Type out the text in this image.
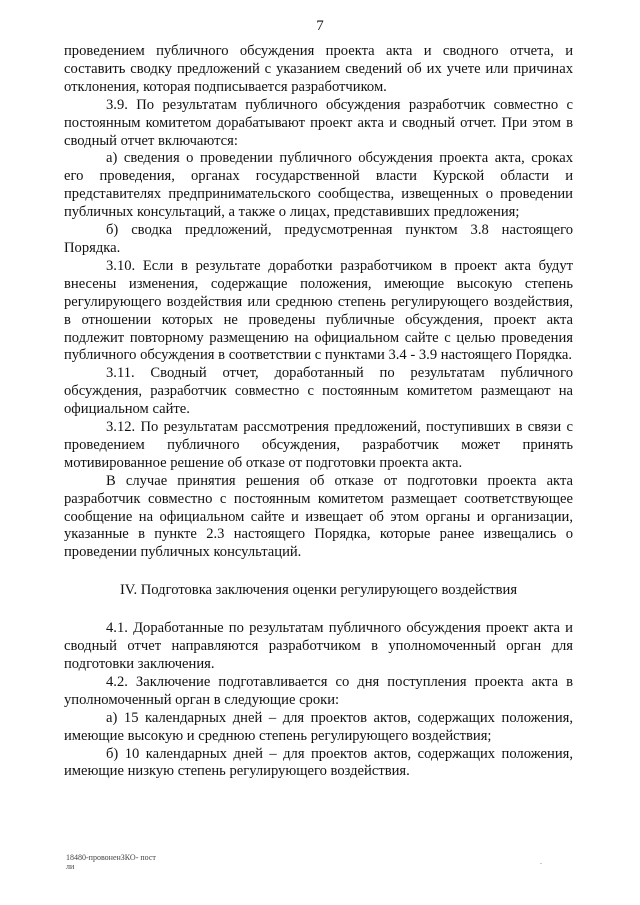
7

проведением публичного обсуждения проекта акта и сводного отчета, и составить сводку предложений с указанием сведений об их учете или причинах отклонения, которая подписывается разработчиком.

3.9. По результатам публичного обсуждения разработчик совместно с постоянным комитетом дорабатывают проект акта и сводный отчет. При этом в сводный отчет включаются:

а) сведения о проведении публичного обсуждения проекта акта, сроках его проведения, органах государственной власти Курской области и представителях предпринимательского сообщества, извещенных о проведении публичных консультаций, а также о лицах, представивших предложения;

б) сводка предложений, предусмотренная пунктом 3.8 настоящего Порядка.

3.10. Если в результате доработки разработчиком в проект акта будут внесены изменения, содержащие положения, имеющие высокую степень регулирующего воздействия или среднюю степень регулирующего воздействия, в отношении которых не проведены публичные обсуждения, проект акта подлежит повторному размещению на официальном сайте с целью проведения публичного обсуждения в соответствии с пунктами 3.4 - 3.9 настоящего Порядка.

3.11. Сводный отчет, доработанный по результатам публичного обсуждения, разработчик совместно с постоянным комитетом размещают на официальном сайте.

3.12. По результатам рассмотрения предложений, поступивших в связи с проведением публичного обсуждения, разработчик может принять мотивированное решение об отказе от подготовки проекта акта.

В случае принятия решения об отказе от подготовки проекта акта разработчик совместно с постоянным комитетом размещает соответствующее сообщение на официальном сайте и извещает об этом органы и организации, указанные в пункте 2.3 настоящего Порядка, которые ранее извещались о проведении публичных консультаций.

IV. Подготовка заключения оценки регулирующего воздействия

4.1. Доработанные по результатам публичного обсуждения проект акта и сводный отчет направляются разработчиком в уполномоченный орган для подготовки заключения.

4.2. Заключение подготавливается со дня поступления проекта акта в уполномоченный орган в следующие сроки:

а) 15 календарных дней – для проектов актов, содержащих положения, имеющие высокую и среднюю степень регулирующего воздействия;

б) 10 календарных дней – для проектов актов, содержащих положения, имеющие низкую степень регулирующего воздействия.

18480-провоненЗКО- пост
ли
.
